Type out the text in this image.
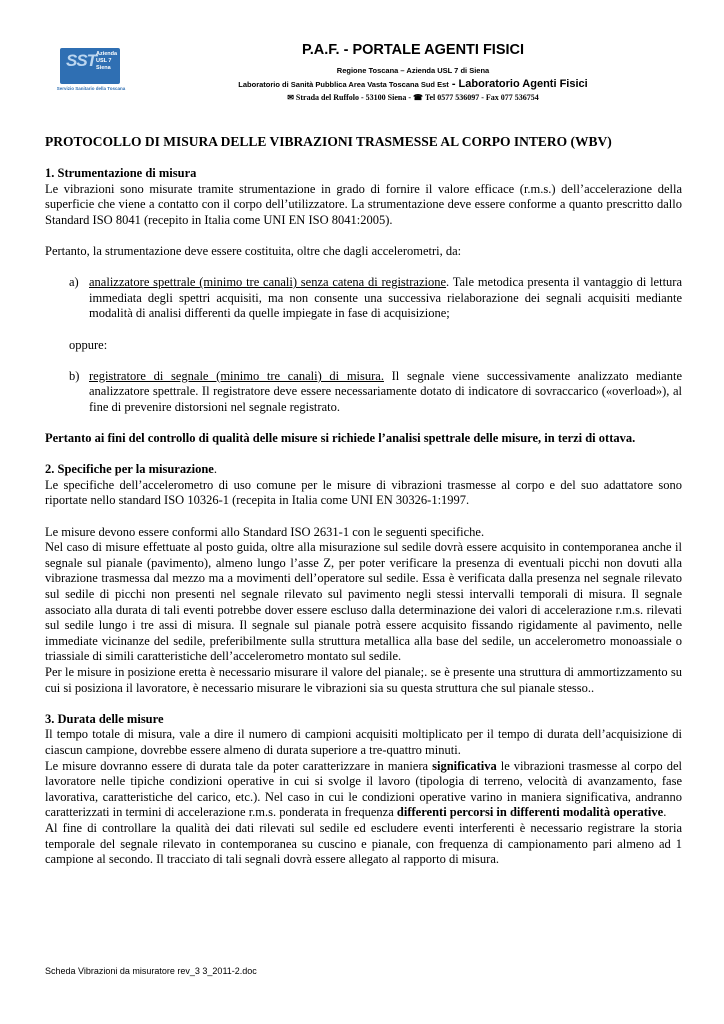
SST Azienda USL 7 Siena
Servizio Sanitario della Toscana
P.A.F. - PORTALE AGENTI FISICI
Regione Toscana – Azienda USL 7 di Siena
Laboratorio di Sanità Pubblica Area Vasta Toscana Sud Est - Laboratorio Agenti Fisici
✉ Strada del Ruffolo - 53100 Siena - ☎ Tel 0577 536097 - Fax 077 536754
PROTOCOLLO DI MISURA DELLE VIBRAZIONI TRASMESSE AL CORPO INTERO (WBV)
1. Strumentazione di misura

Le vibrazioni sono misurate tramite strumentazione in grado di fornire il valore efficace (r.m.s.) dell’accelerazione della superficie che viene a contatto con il corpo dell’utilizzatore. La strumentazione deve essere conforme a quanto prescritto dallo Standard ISO 8041 (recepito in Italia come UNI EN ISO 8041:2005).

Pertanto, la strumentazione deve essere costituita, oltre che dagli accelerometri, da:

a) analizzatore spettrale (minimo tre canali) senza catena di registrazione. Tale metodica presenta il vantaggio di lettura immediata degli spettri acquisiti, ma non consente una successiva rielaborazione dei segnali acquisiti mediante modalità di analisi differenti da quelle impiegate in fase di acquisizione;

oppure:

b) registratore di segnale (minimo tre canali) di misura. Il segnale viene successivamente analizzato mediante analizzatore spettrale. Il registratore deve essere necessariamente dotato di indicatore di sovraccarico («overload»), al fine di prevenire distorsioni nel segnale registrato.

Pertanto ai fini del controllo di qualità delle misure si richiede l’analisi spettrale delle misure, in terzi di ottava.

2. Specifiche per la misurazione.

Le specifiche dell’accelerometro di uso comune per le misure di vibrazioni trasmesse al corpo e del suo adattatore sono riportate nello standard ISO 10326-1 (recepita in Italia come UNI EN 30326-1:1997.

Le misure devono essere conformi allo Standard ISO 2631-1 con le seguenti specifiche.

Nel caso di misure effettuate al posto guida, oltre alla misurazione sul sedile dovrà essere acquisito in contemporanea anche il segnale sul pianale (pavimento), almeno lungo l’asse Z, per poter verificare la presenza di eventuali picchi non dovuti alla vibrazione trasmessa dal mezzo ma a movimenti dell’operatore sul sedile. Essa è verificata dalla presenza nel segnale rilevato sul sedile di picchi non presenti nel segnale rilevato sul pavimento negli stessi intervalli temporali di misura. Il segnale associato alla durata di tali eventi potrebbe dover essere escluso dalla determinazione dei valori di accelerazione r.m.s. rilevati sul sedile lungo i tre assi di misura. Il segnale sul pianale potrà essere acquisito fissando rigidamente al pavimento, nelle immediate vicinanze del sedile, preferibilmente sulla struttura metallica alla base del sedile, un accelerometro monoassiale o triassiale di simili caratteristiche dell’accelerometro montato sul sedile.

Per le misure in posizione eretta è necessario misurare il valore del pianale;. se è presente una struttura di ammortizzamento su cui si posiziona il lavoratore, è necessario misurare le vibrazioni sia su questa struttura che sul pianale stesso..

3. Durata delle misure

Il tempo totale di misura, vale a dire il numero di campioni acquisiti moltiplicato per il tempo di durata dell’acquisizione di ciascun campione, dovrebbe essere almeno di durata superiore a tre-quattro minuti.

Le misure dovranno essere di durata tale da poter caratterizzare in maniera significativa le vibrazioni trasmesse al corpo del lavoratore nelle tipiche condizioni operative in cui si svolge il lavoro (tipologia di terreno, velocità di avanzamento, fase lavorativa, caratteristiche del carico, etc.). Nel caso in cui le condizioni operative varino in maniera significativa, andranno caratterizzati in termini di accelerazione r.m.s. ponderata in frequenza differenti percorsi in differenti modalità operative.

Al fine di controllare la qualità dei dati rilevati sul sedile ed escludere eventi interferenti è necessario registrare la storia temporale del segnale rilevato in contemporanea su cuscino e pianale, con frequenza di campionamento pari almeno ad 1 campione al secondo. Il tracciato di tali segnali dovrà essere allegato al rapporto di misura.

Scheda Vibrazioni da misuratore rev_3 3_2011-2.doc
